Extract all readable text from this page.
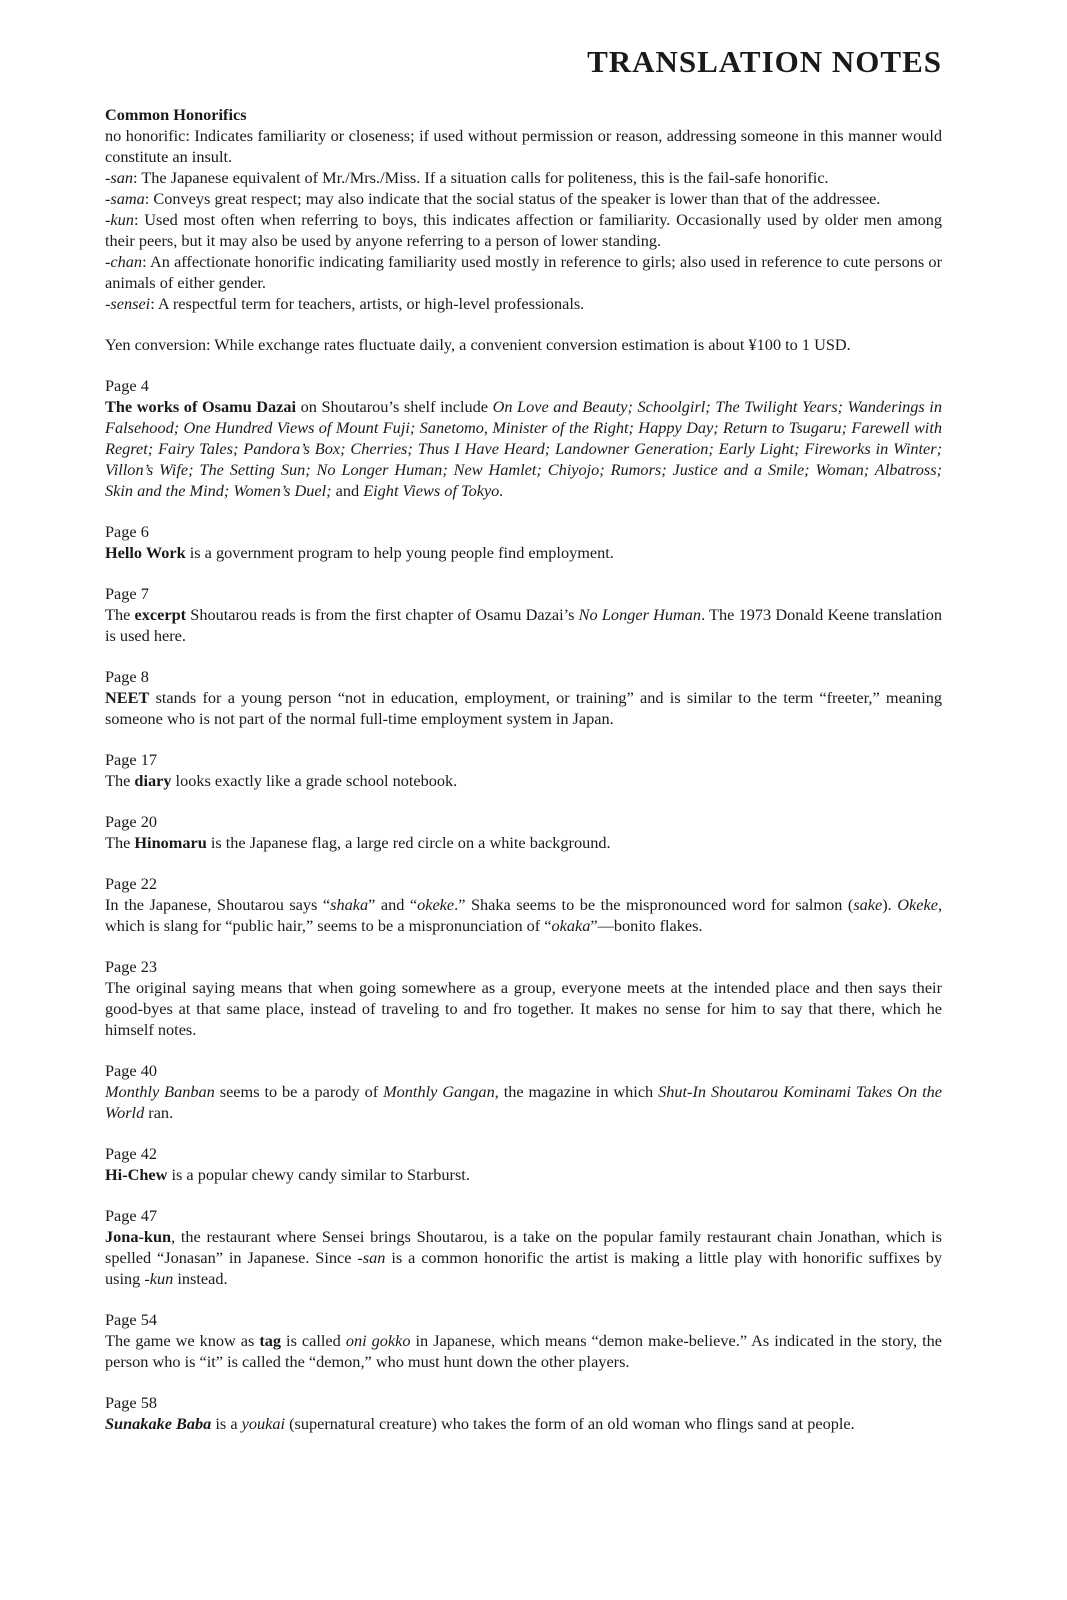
TRANSLATION NOTES
Common Honorifics
no honorific: Indicates familiarity or closeness; if used without permission or reason, addressing someone in this manner would constitute an insult.
-san: The Japanese equivalent of Mr./Mrs./Miss. If a situation calls for politeness, this is the fail-safe honorific.
-sama: Conveys great respect; may also indicate that the social status of the speaker is lower than that of the addressee.
-kun: Used most often when referring to boys, this indicates affection or familiarity. Occasionally used by older men among their peers, but it may also be used by anyone referring to a person of lower standing.
-chan: An affectionate honorific indicating familiarity used mostly in reference to girls; also used in reference to cute persons or animals of either gender.
-sensei: A respectful term for teachers, artists, or high-level professionals.
Yen conversion: While exchange rates fluctuate daily, a convenient conversion estimation is about ¥100 to 1 USD.
Page 4
The works of Osamu Dazai on Shoutarou’s shelf include On Love and Beauty; Schoolgirl; The Twilight Years; Wanderings in Falsehood; One Hundred Views of Mount Fuji; Sanetomo, Minister of the Right; Happy Day; Return to Tsugaru; Farewell with Regret; Fairy Tales; Pandora’s Box; Cherries; Thus I Have Heard; Landowner Generation; Early Light; Fireworks in Winter; Villon’s Wife; The Setting Sun; No Longer Human; New Hamlet; Chiyojo; Rumors; Justice and a Smile; Woman; Albatross; Skin and the Mind; Women’s Duel; and Eight Views of Tokyo.
Page 6
Hello Work is a government program to help young people find employment.
Page 7
The excerpt Shoutarou reads is from the first chapter of Osamu Dazai’s No Longer Human. The 1973 Donald Keene translation is used here.
Page 8
NEET stands for a young person “not in education, employment, or training” and is similar to the term “freeter,” meaning someone who is not part of the normal full-time employment system in Japan.
Page 17
The diary looks exactly like a grade school notebook.
Page 20
The Hinomaru is the Japanese flag, a large red circle on a white background.
Page 22
In the Japanese, Shoutarou says “shaka” and “okeke.” Shaka seems to be the mispronounced word for salmon (sake). Okeke, which is slang for “public hair,” seems to be a mispronunciation of “okaka”—bonito flakes.
Page 23
The original saying means that when going somewhere as a group, everyone meets at the intended place and then says their good-byes at that same place, instead of traveling to and fro together. It makes no sense for him to say that there, which he himself notes.
Page 40
Monthly Banban seems to be a parody of Monthly Gangan, the magazine in which Shut-In Shoutarou Kominami Takes On the World ran.
Page 42
Hi-Chew is a popular chewy candy similar to Starburst.
Page 47
Jona-kun, the restaurant where Sensei brings Shoutarou, is a take on the popular family restaurant chain Jonathan, which is spelled “Jonasan” in Japanese. Since -san is a common honorific the artist is making a little play with honorific suffixes by using -kun instead.
Page 54
The game we know as tag is called oni gokko in Japanese, which means “demon make-believe.” As indicated in the story, the person who is “it” is called the “demon,” who must hunt down the other players.
Page 58
Sunakake Baba is a youkai (supernatural creature) who takes the form of an old woman who flings sand at people.
